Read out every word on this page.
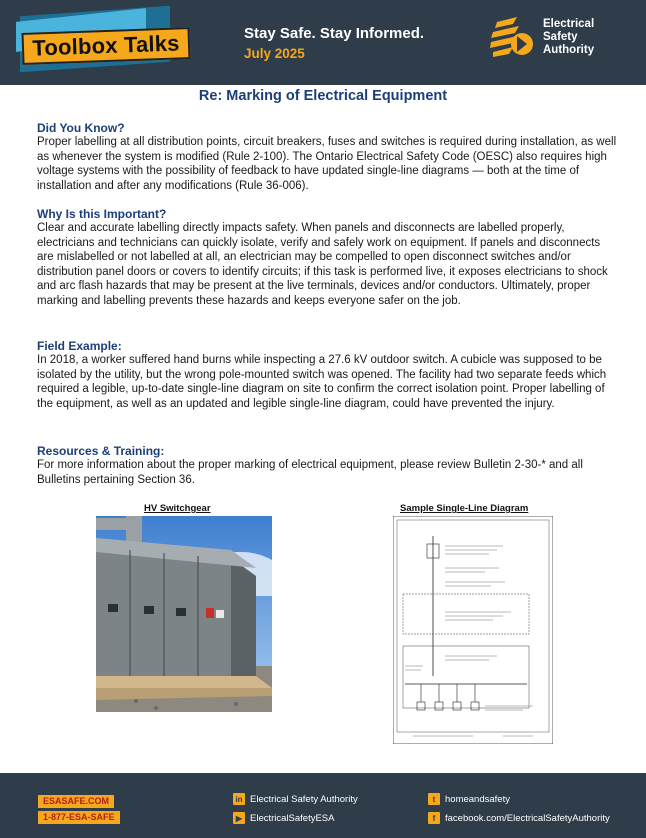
Toolbox Talks	Stay Safe. Stay Informed.
July 2025
Electrical Safety Authority
Re: Marking of Electrical Equipment
Did You Know?
Proper labelling at all distribution points, circuit breakers, fuses and switches is required during installation, as well as whenever the system is modified (Rule 2-100). The Ontario Electrical Safety Code (OESC) also requires high voltage systems with the possibility of feedback to have updated single-line diagrams — both at the time of installation and after any modifications (Rule 36-006).
Why Is this Important?
Clear and accurate labelling directly impacts safety. When panels and disconnects are labelled properly, electricians and technicians can quickly isolate, verify and safely work on equipment. If panels and disconnects are mislabelled or not labelled at all, an electrician may be compelled to open disconnect switches and/or distribution panel doors or covers to identify circuits; if this task is performed live, it exposes electricians to shock and arc flash hazards that may be present at the live terminals, devices and/or conductors. Ultimately, proper marking and labelling prevents these hazards and keeps everyone safer on the job.
Field Example:
In 2018, a worker suffered hand burns while inspecting a 27.6 kV outdoor switch. A cubicle was supposed to be isolated by the utility, but the wrong pole-mounted switch was opened. The facility had two separate feeds which required a legible, up-to-date single-line diagram on site to confirm the correct isolation point. Proper labelling of the equipment, as well as an updated and legible single-line diagram, could have prevented the injury.
Resources & Training:
For more information about the proper marking of electrical equipment, please review Bulletin 2-30-* and all Bulletins pertaining Section 36.
HV Switchgear	Sample Single-Line Diagram
ESASAFE.COM
1-877-ESA-SAFE
in Electrical Safety Authority
▶ ElectricalSafetyESA
t	homeandsafety
f	facebook.com/ElectricalSafetyAuthority
